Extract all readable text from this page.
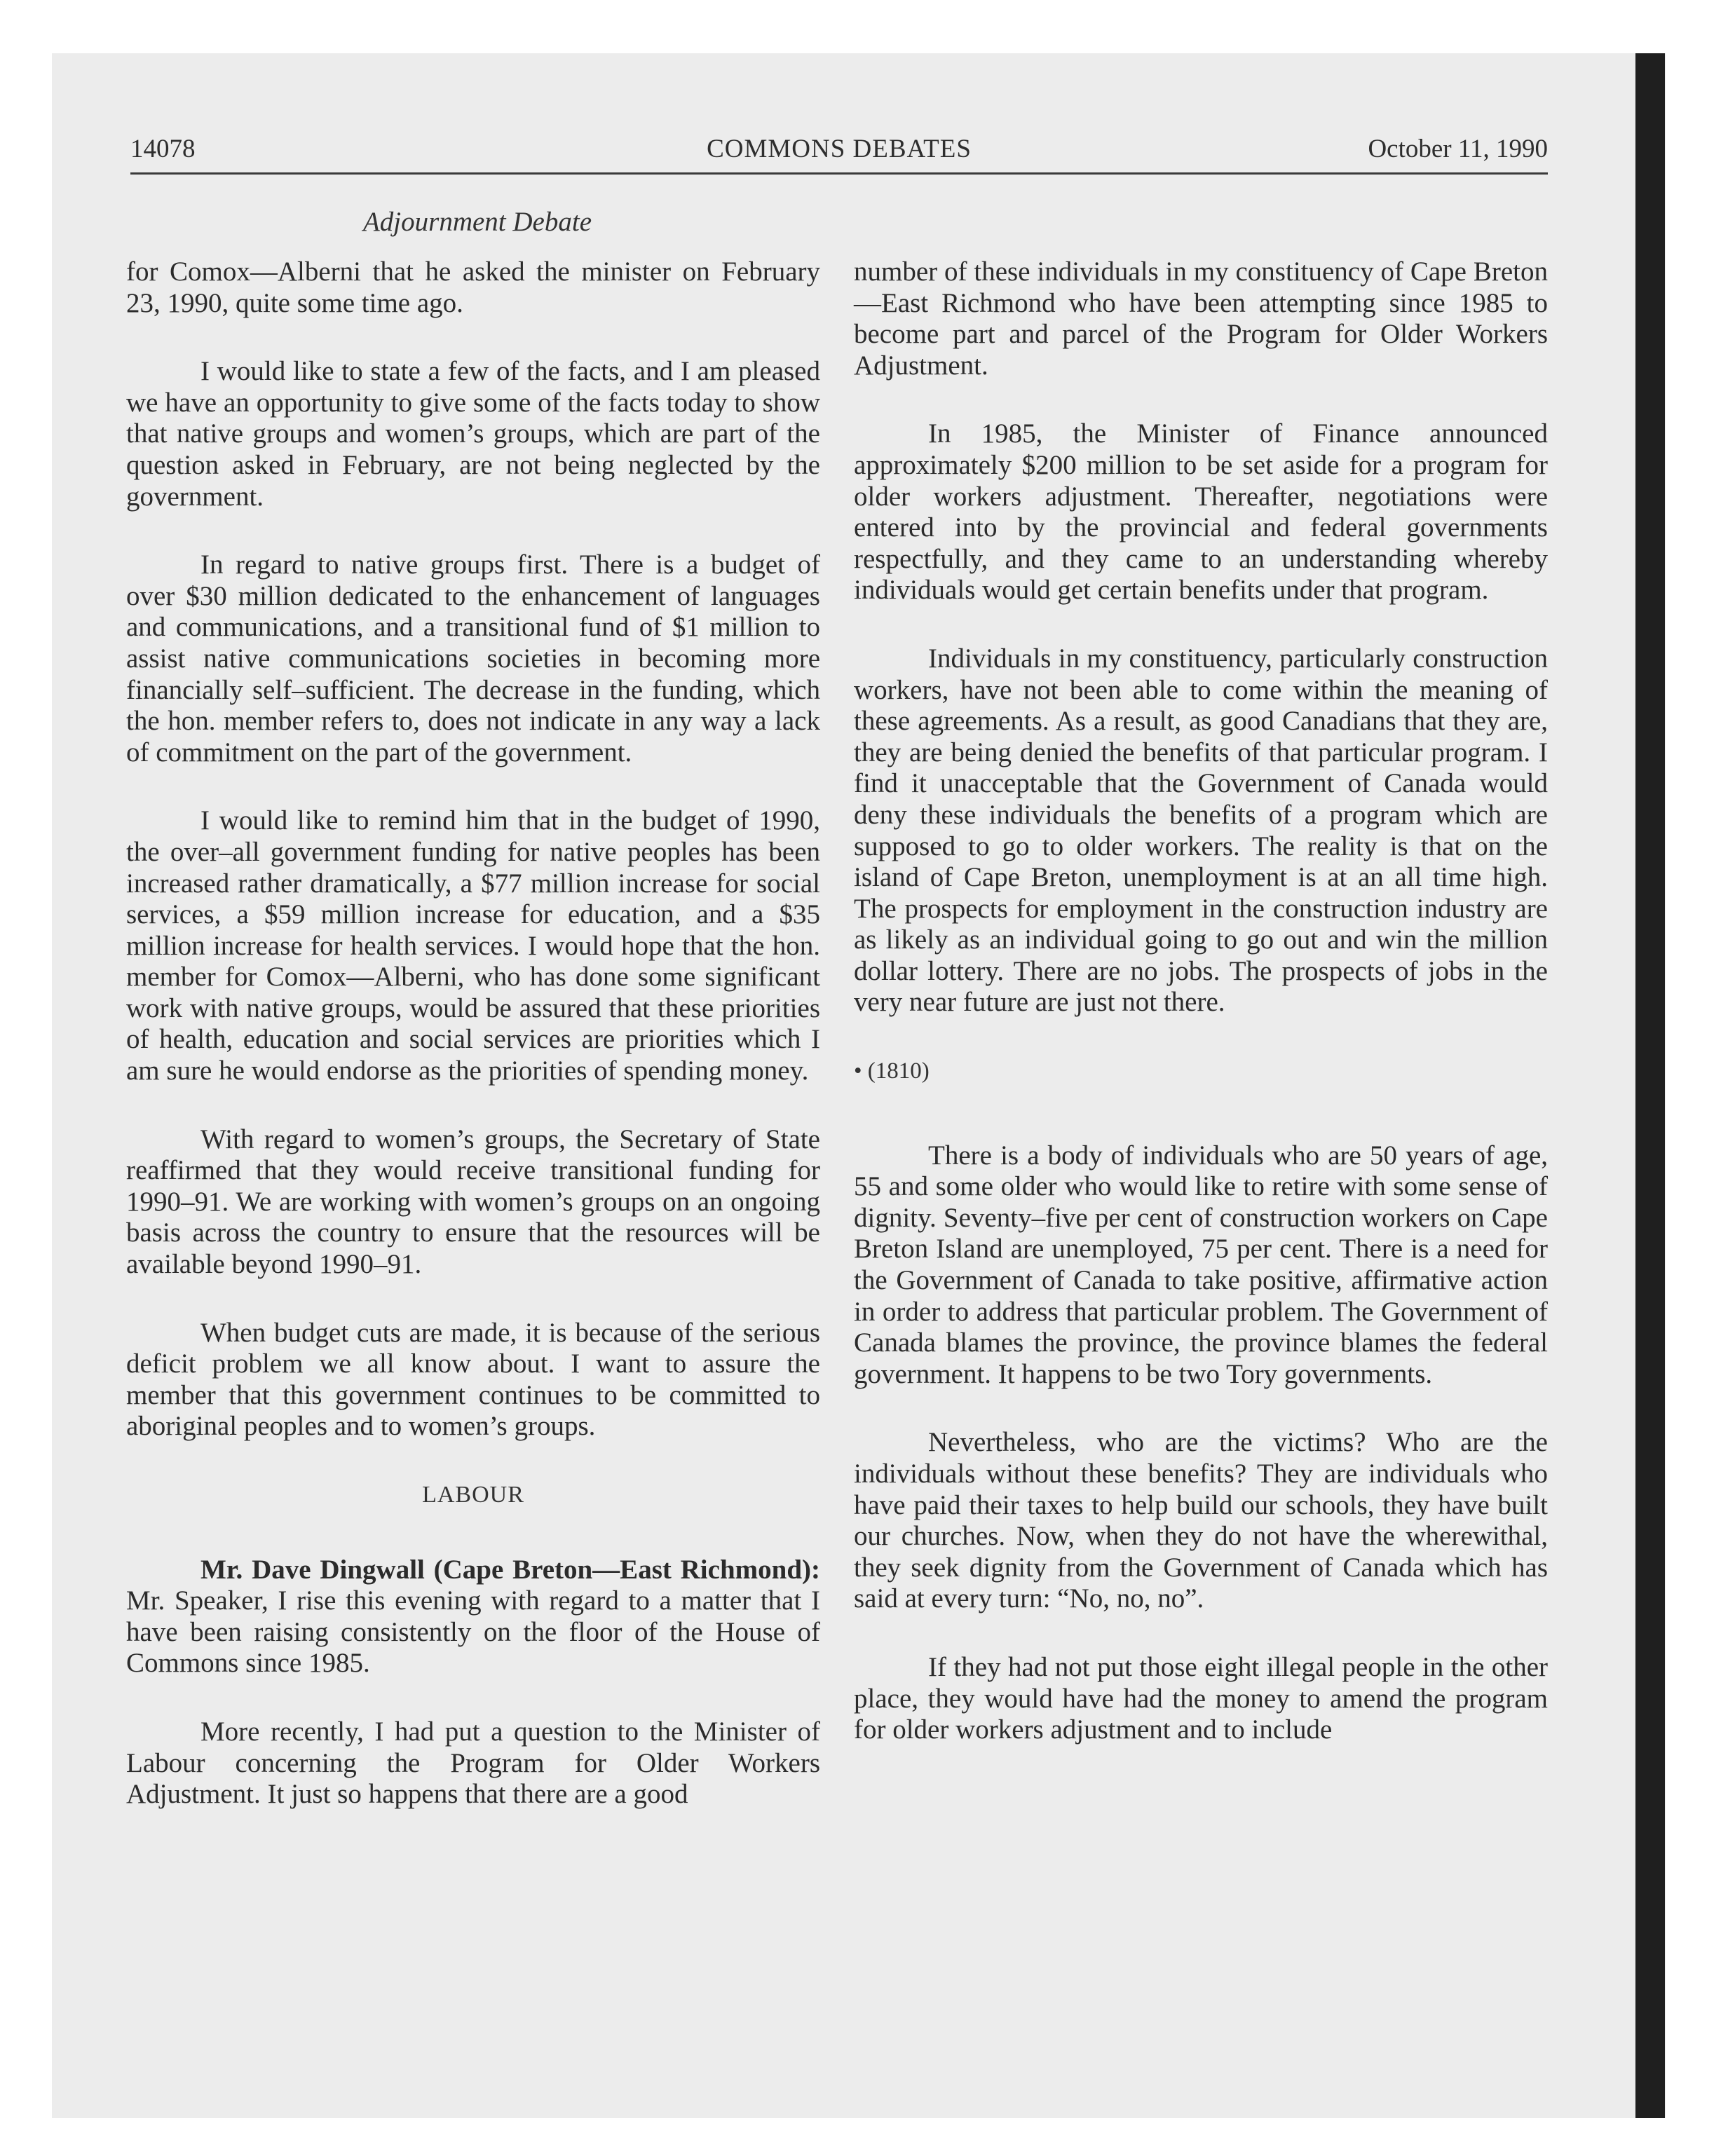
14078	COMMONS DEBATES	October 11, 1990
Adjournment Debate

for Comox—Alberni that he asked the minister on February 23, 1990, quite some time ago.

I would like to state a few of the facts, and I am pleased we have an opportunity to give some of the facts today to show that native groups and women’s groups, which are part of the question asked in February, are not being neglected by the government.

In regard to native groups first. There is a budget of over $30 million dedicated to the enhancement of languages and communications, and a transitional fund of $1 million to assist native communications societies in becoming more financially self–sufficient. The decrease in the funding, which the hon. member refers to, does not indicate in any way a lack of commitment on the part of the government.

I would like to remind him that in the budget of 1990, the over–all government funding for native peoples has been increased rather dramatically, a $77 million increase for social services, a $59 million increase for education, and a $35 million increase for health services. I would hope that the hon. member for Comox—Alberni, who has done some significant work with native groups, would be assured that these priorities of health, education and social services are priorities which I am sure he would endorse as the priorities of spending money.

With regard to women’s groups, the Secretary of State reaffirmed that they would receive transitional funding for 1990–91. We are working with women’s groups on an ongoing basis across the country to ensure that the resources will be available beyond 1990–91.

When budget cuts are made, it is because of the serious deficit problem we all know about. I want to assure the member that this government continues to be committed to aboriginal peoples and to women’s groups.

LABOUR

Mr. Dave Dingwall (Cape Breton—East Richmond): Mr. Speaker, I rise this evening with regard to a matter that I have been raising consistently on the floor of the House of Commons since 1985.

More recently, I had put a question to the Minister of Labour concerning the Program for Older Workers Adjustment. It just so happens that there are a good

number of these individuals in my constituency of Cape Breton—East Richmond who have been attempting since 1985 to become part and parcel of the Program for Older Workers Adjustment.

In 1985, the Minister of Finance announced approximately $200 million to be set aside for a program for older workers adjustment. Thereafter, negotiations were entered into by the provincial and federal governments respectfully, and they came to an understanding whereby individuals would get certain benefits under that program.

Individuals in my constituency, particularly construction workers, have not been able to come within the meaning of these agreements. As a result, as good Canadians that they are, they are being denied the benefits of that particular program. I find it unacceptable that the Government of Canada would deny these individuals the benefits of a program which are supposed to go to older workers. The reality is that on the island of Cape Breton, unemployment is at an all time high. The prospects for employment in the construction industry are as likely as an individual going to go out and win the million dollar lottery. There are no jobs. The prospects of jobs in the very near future are just not there.

• (1810)

There is a body of individuals who are 50 years of age, 55 and some older who would like to retire with some sense of dignity. Seventy–five per cent of construction workers on Cape Breton Island are unemployed, 75 per cent. There is a need for the Government of Canada to take positive, affirmative action in order to address that particular problem. The Government of Canada blames the province, the province blames the federal government. It happens to be two Tory governments.

Nevertheless, who are the victims? Who are the individuals without these benefits? They are individuals who have paid their taxes to help build our schools, they have built our churches. Now, when they do not have the wherewithal, they seek dignity from the Government of Canada which has said at every turn: “No, no, no”.

If they had not put those eight illegal people in the other place, they would have had the money to amend the program for older workers adjustment and to include
